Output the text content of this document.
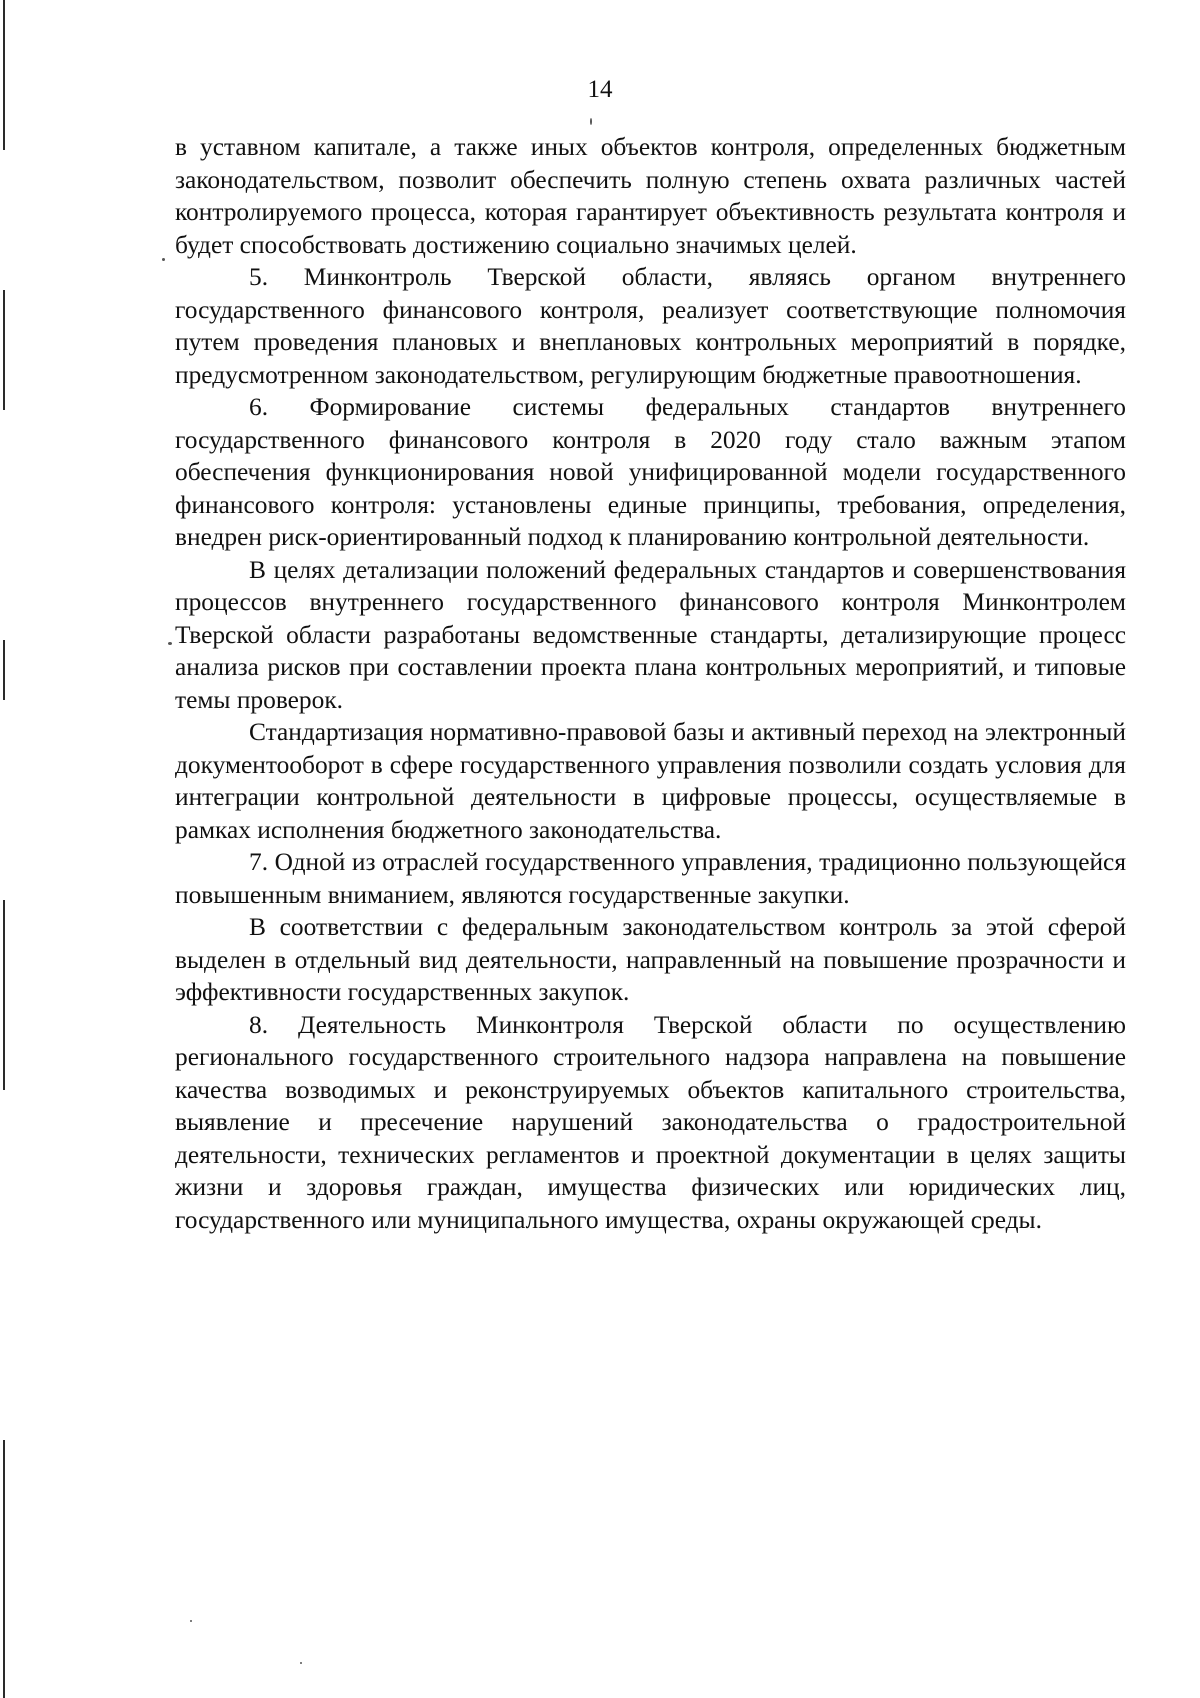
14

в уставном капитале, а также иных объектов контроля, определенных бюджетным законодательством, позволит обеспечить полную степень охвата различных частей контролируемого процесса, которая гарантирует объективность результата контроля и будет способствовать достижению социально значимых целей.

5. Минконтроль Тверской области, являясь органом внутреннего государственного финансового контроля, реализует соответствующие полномочия путем проведения плановых и внеплановых контрольных мероприятий в порядке, предусмотренном законодательством, регулирующим бюджетные правоотношения.

6. Формирование системы федеральных стандартов внутреннего государственного финансового контроля в 2020 году стало важным этапом обеспечения функционирования новой унифицированной модели государственного финансового контроля: установлены единые принципы, требования, определения, внедрен риск-ориентированный подход к планированию контрольной деятельности.

В целях детализации положений федеральных стандартов и совершенствования процессов внутреннего государственного финансового контроля Минконтролем Тверской области разработаны ведомственные стандарты, детализирующие процесс анализа рисков при составлении проекта плана контрольных мероприятий, и типовые темы проверок.

Стандартизация нормативно-правовой базы и активный переход на электронный документооборот в сфере государственного управления позволили создать условия для интеграции контрольной деятельности в цифровые процессы, осуществляемые в рамках исполнения бюджетного законодательства.

7. Одной из отраслей государственного управления, традиционно пользующейся повышенным вниманием, являются государственные закупки.

В соответствии с федеральным законодательством контроль за этой сферой выделен в отдельный вид деятельности, направленный на повышение прозрачности и эффективности государственных закупок.

8. Деятельность Минконтроля Тверской области по осуществлению регионального государственного строительного надзора направлена на повышение качества возводимых и реконструируемых объектов капитального строительства, выявление и пресечение нарушений законодательства о градостроительной деятельности, технических регламентов и проектной документации в целях защиты жизни и здоровья граждан, имущества физических или юридических лиц, государственного или муниципального имущества, охраны окружающей среды.
